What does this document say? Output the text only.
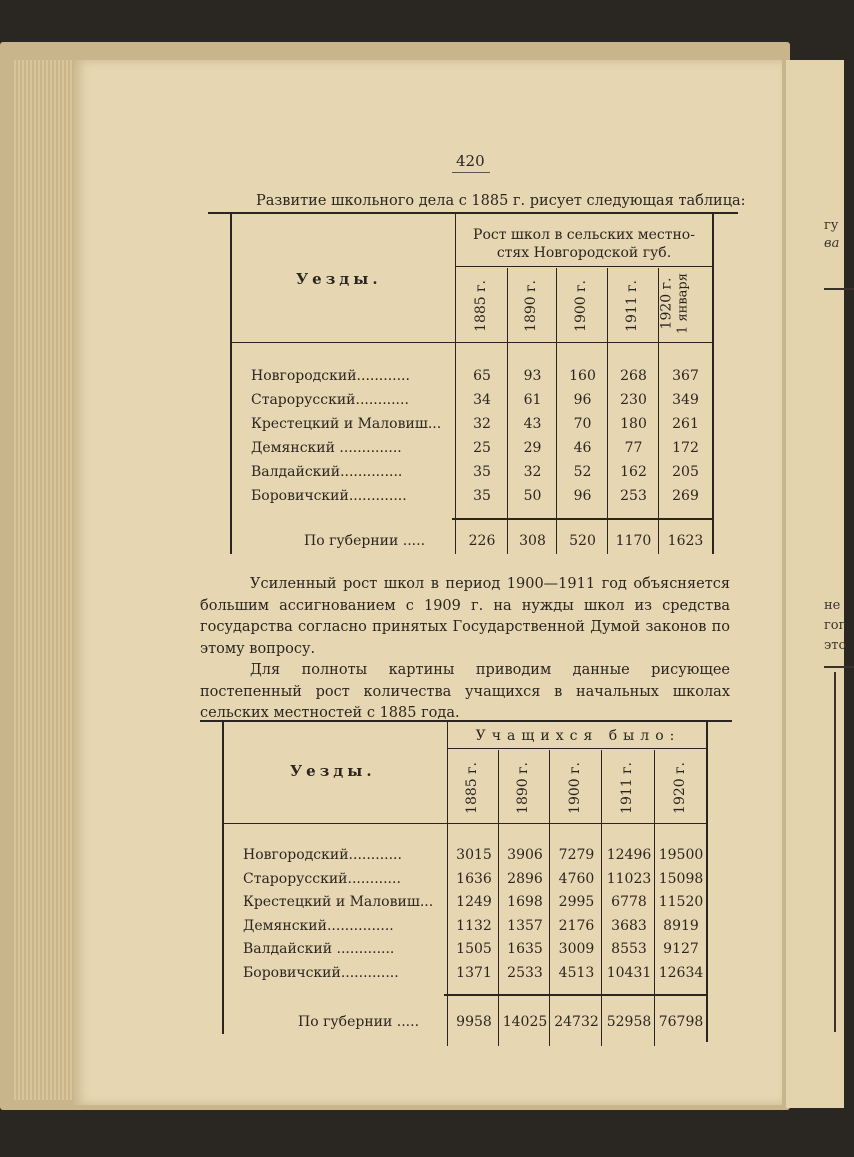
гу
ва
не
гог
это
420
Развитие школьного дела с 1885 г. рисует следующая таблица:
Уезды.
Рост школ в сельских местно-
стях Новгородской губ.
1885 г. 1890 г. 1900 г.	1911 г. 1920 г. 1 января
Новгородский............	65	93	160	268	367
Старорусский............	34	61	96	230	349
Крестецкий и Маловиш...	32	43	70	180	261
Демянский ..............	25	29	46	77	172
Валдайский..............	35	32	52	162	205
Боровичский.............	35	50	96	253	269
По губернии .....	226	308	520	1170	1623
Усиленный рост школ в период 1900—1911 год объясняется большим ассигнованием с 1909 г. на нужды школ из средства государства согласно принятых Государственной Думой законов по этому вопросу.
Для полноты картины приводим данные рисующее постепенный рост количества учащихся в начальных школах сельских местностей с 1885 года.
Уезды.
Учащихся было:
1885 г.	1890 г.	1900 г.	1911 г.	1920 г.
Новгородский............	3015	3906	7279 12496 19500
Старорусский............	1636	2896	4760 11023 15098
Крестецкий и Маловиш...	1249	1698	2995	6778 11520
Демянский...............	1132	1357	2176	3683	8919
Валдайский .............	1505	1635	3009	8553	9127
Боровичский.............	1371	2533	4513 10431 12634
По губернии .....	9958 14025 24732 52958 76798
